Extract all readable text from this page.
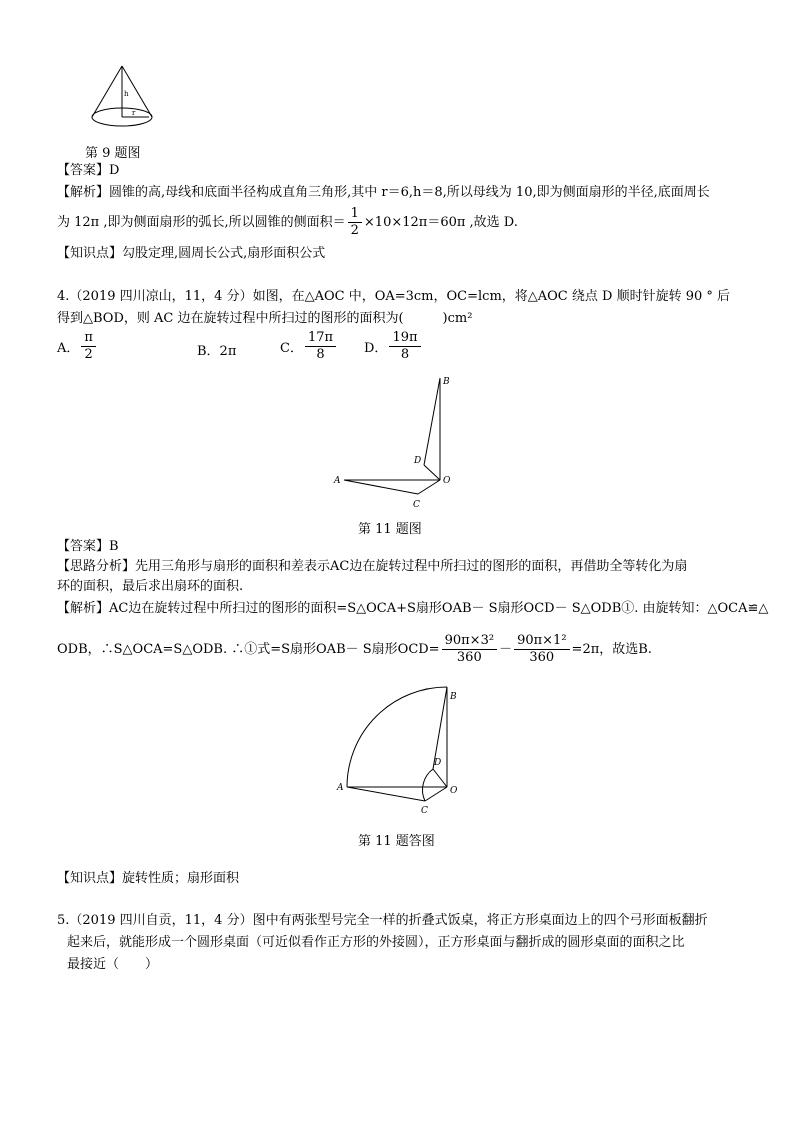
h
r
第 9 题图
【答案】D
【解析】圆锥的高,母线和底面半径构成直角三角形,其中 r＝6,h＝8,所以母线为 10,即为侧面扇形的半径,底面周长
为 12π ,即为侧面扇形的弧长,所以圆锥的侧面积＝ $\frac{1}{2} \times 10\times 12\pi=60\pi$ ,故选 D.
【知识点】勾股定理,圆周长公式,扇形面积公式
4.（2019 四川凉山，11，4 分）如图，在△AOC 中，OA=3cm，OC=lcm，将△AOC 绕点 D 顺时针旋转 90 ° 后
得到△BOD，则 AC 边在旋转过程中所扫过的图形的面积为(　　　)cm²
A． $\frac{\pi}{2}$	B．2π	C． $\frac{17\pi}{8}$ D． $\frac{19\pi}{8}$
B
D
A	O
C
第 11 题图
【答案】B
【思路分析】先用三角形与扇形的面积和差表示AC边在旋转过程中所扫过的图形的面积，再借助全等转化为扇
环的面积，最后求出扇环的面积.
【解析】AC边在旋转过程中所扫过的图形的面积=S△OCA+S扇形OAB－ S扇形OCD－ S△ODB①. 由旋转知：△OCA≌△
ODB，∴S△OCA=S△ODB. ∴①式=S扇形OAB－ S扇形$OCD= \frac{\text{90π×3²}}{360} - \frac{\text{90π×1²}}{360} =2\pi$，故选B.
B
D
A	O
C
第 11 题答图
【知识点】旋转性质；扇形面积
5.（2019 四川自贡，11，4 分）图中有两张型号完全一样的折叠式饭桌，将正方形桌面边上的四个弓形面板翻折
起来后，就能形成一个圆形桌面（可近似看作正方形的外接圆），正方形桌面与翻折成的圆形桌面的面积之比
最接近（　　）
